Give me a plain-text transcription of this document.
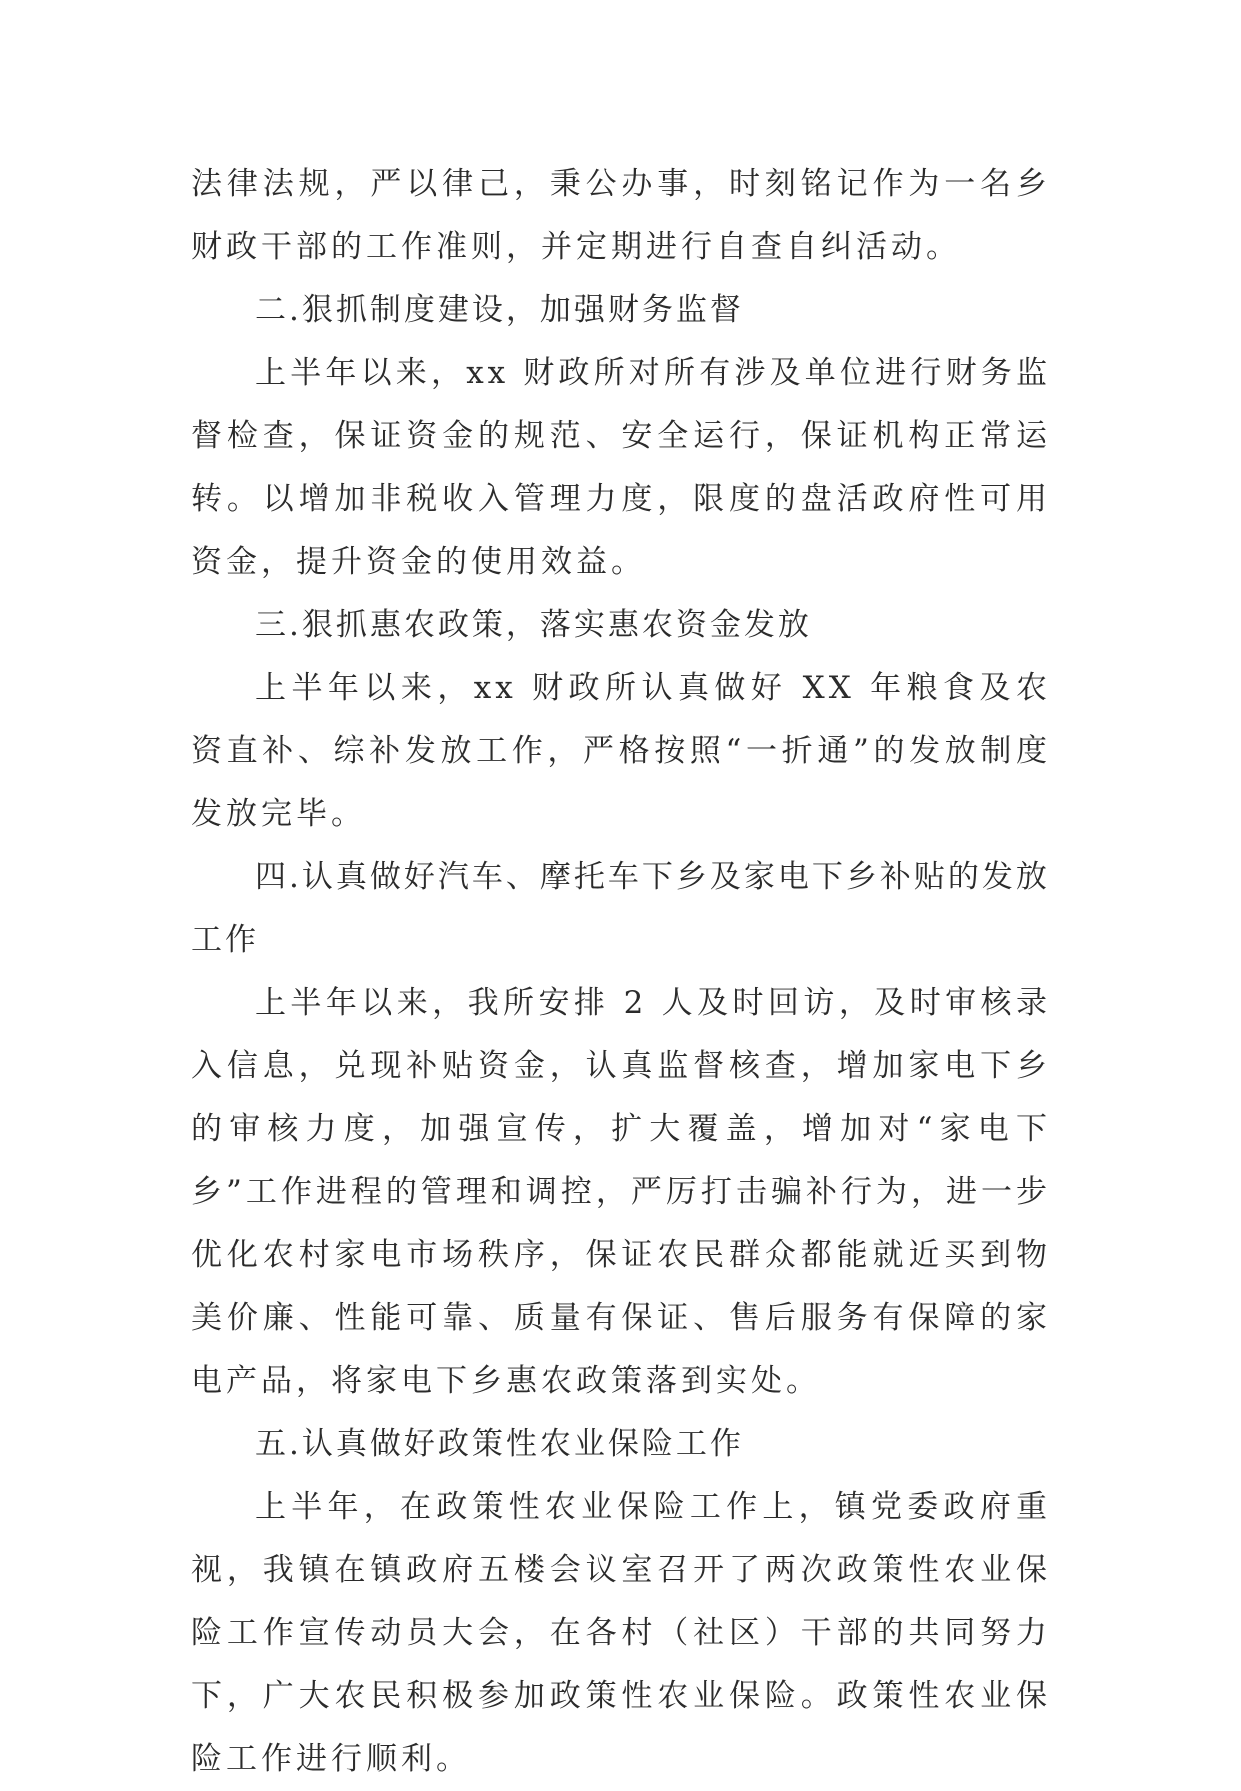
法律法规，严以律己，秉公办事，时刻铭记作为一名乡财政干部的工作准则，并定期进行自查自纠活动。

二.狠抓制度建设，加强财务监督

上半年以来，xx 财政所对所有涉及单位进行财务监督检查，保证资金的规范、安全运行，保证机构正常运转。以增加非税收入管理力度，限度的盘活政府性可用资金，提升资金的使用效益。

三.狠抓惠农政策，落实惠农资金发放

上半年以来，xx 财政所认真做好 XX 年粮食及农资直补、综补发放工作，严格按照“一折通”的发放制度发放完毕。

四.认真做好汽车、摩托车下乡及家电下乡补贴的发放工作

上半年以来，我所安排 2 人及时回访，及时审核录入信息，兑现补贴资金，认真监督核查，增加家电下乡的审核力度，加强宣传，扩大覆盖，增加对“家电下乡”工作进程的管理和调控，严厉打击骗补行为，进一步优化农村家电市场秩序，保证农民群众都能就近买到物美价廉、性能可靠、质量有保证、售后服务有保障的家电产品，将家电下乡惠农政策落到实处。

五.认真做好政策性农业保险工作

上半年，在政策性农业保险工作上，镇党委政府重视，我镇在镇政府五楼会议室召开了两次政策性农业保险工作宣传动员大会，在各村（社区）干部的共同努力下，广大农民积极参加政策性农业保险。政策性农业保险工作进行顺利。
